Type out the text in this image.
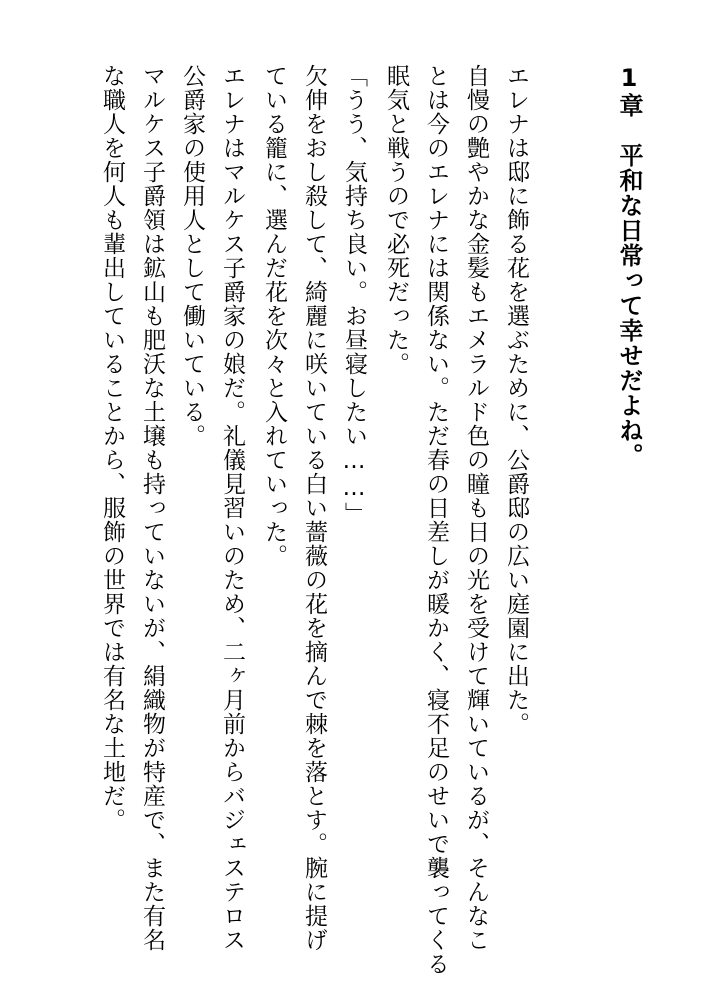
1章　平和な日常って幸せだよね。

エレナは邸に飾る花を選ぶために、公爵邸の広い庭園に出た。

自慢の艶やかな金髪もエメラルド色の瞳も日の光を受けて輝いているが、そんなこ

とは今のエレナには関係ない。ただ春の日差しが暖かく、寝不足のせいで襲ってくる

眠気と戦うので必死だった。

「うう、気持ち良い。お昼寝したい……」

欠伸をおし殺して、綺麗に咲いている白い薔薇の花を摘んで棘を落とす。腕に提げ

ている籠に、選んだ花を次々と入れていった。

エレナはマルケス子爵家の娘だ。礼儀見習いのため、二ヶ月前からバジェステロス

公爵家の使用人として働いている。

マルケス子爵領は鉱山も肥沃な土壌も持っていないが、絹織物が特産で、また有名

な職人を何人も輩出していることから、服飾の世界では有名な土地だ。
